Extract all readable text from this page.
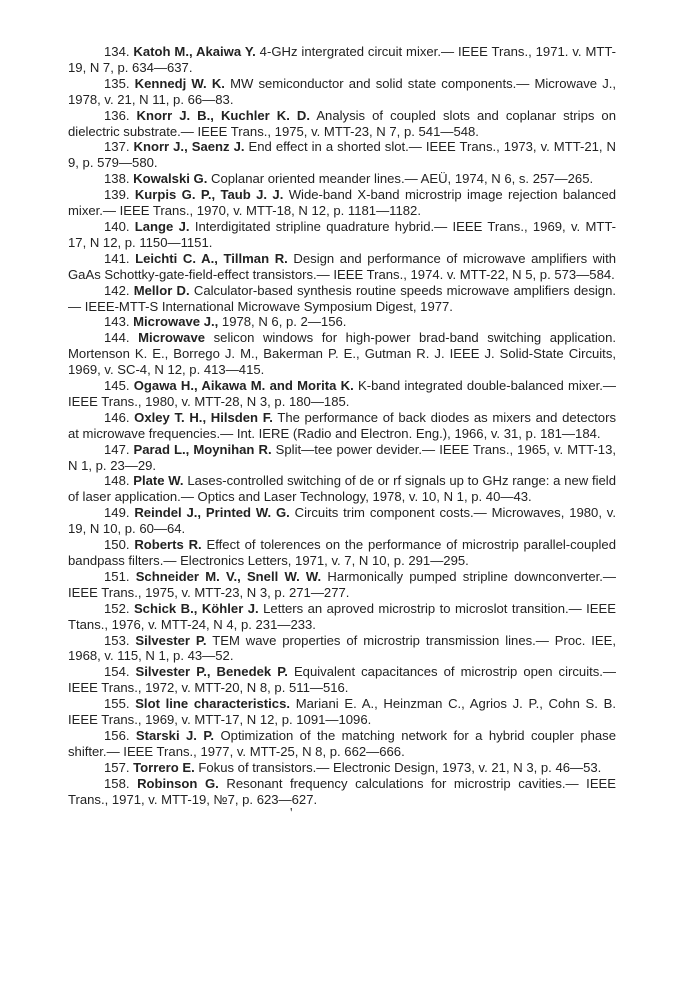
134. Katoh M., Akaiwa Y. 4-GHz intergrated circuit mixer.— IEEE Trans., 1971. v. MTT-19, N 7, p. 634—637.

135. Kennedj W. K. MW semiconductor and solid state components.— Microwave J., 1978, v. 21, N 11, p. 66—83.

136. Knorr J. B., Kuchler K. D. Analysis of coupled slots and coplanar strips on dielectric substrate.— IEEE Trans., 1975, v. MTT-23, N 7, p. 541—548.

137. Knorr J., Saenz J. End effect in a shorted slot.— IEEE Trans., 1973, v. MTT-21, N 9, p. 579—580.

138. Kowalski G. Coplanar oriented meander lines.— AEÜ, 1974, N 6, s. 257—265.

139. Kurpis G. P., Taub J. J. Wide-band X-band microstrip image rejection balanced mixer.— IEEE Trans., 1970, v. MTT-18, N 12, p. 1181—1182.

140. Lange J. Interdigitated stripline quadrature hybrid.— IEEE Trans., 1969, v. MTT-17, N 12, p. 1150—1151.

141. Leichti C. A., Tillman R. Design and performance of microwave amplifiers with GaAs Schottky-gate-field-effect transistors.— IEEE Trans., 1974. v. MTT-22, N 5, p. 573—584.

142. Mellor D. Calculator-based synthesis routine speeds microwave amplifiers design.— IEEE-MTT-S International Microwave Symposium Digest, 1977.

143. Microwave J., 1978, N 6, p. 2—156.

144. Microwave selicon windows for high-power brad-band switching application. Mortenson K. E., Borrego J. M., Bakerman P. E., Gutman R. J. IEEE J. Solid-State Circuits, 1969, v. SC-4, N 12, p. 413—415.

145. Ogawa H., Aikawa M. and Morita K. K-band integrated double-balanced mixer.— IEEE Trans., 1980, v. MTT-28, N 3, p. 180—185.

146. Oxley T. H., Hilsden F. The performance of back diodes as mixers and detectors at microwave frequencies.— Int. IERE (Radio and Electron. Eng.), 1966, v. 31, p. 181—184.

147. Parad L., Moynihan R. Split—tee power devider.— IEEE Trans., 1965, v. MTT-13, N 1, p. 23—29.

148. Plate W. Lases-controlled switching of de or rf signals up to GHz range: a new field of laser application.— Optics and Laser Technology, 1978, v. 10, N 1, p. 40—43.

149. Reindel J., Printed W. G. Circuits trim component costs.— Microwaves, 1980, v. 19, N 10, p. 60—64.

150. Roberts R. Effect of tolerences on the performance of microstrip parallel-coupled bandpass filters.— Electronics Letters, 1971, v. 7, N 10, p. 291—295.

151. Schneider M. V., Snell W. W. Harmonically pumped stripline downconverter.— IEEE Trans., 1975, v. MTT-23, N 3, p. 271—277.

152. Schick B., Köhler J. Letters an aproved microstrip to microslot transition.— IEEE Ttans., 1976, v. MTT-24, N 4, p. 231—233.

153. Silvester P. TEM wave properties of microstrip transmission lines.— Proc. IEE, 1968, v. 115, N 1, p. 43—52.

154. Silvester P., Benedek P. Equivalent capacitances of microstrip open circuits.— IEEE Trans., 1972, v. MTT-20, N 8, p. 511—516.

155. Slot line characteristics. Mariani E. A., Heinzman C., Agrios J. P., Cohn S. B. IEEE Trans., 1969, v. MTT-17, N 12, p. 1091—1096.

156. Starski J. P. Optimization of the matching network for a hybrid coupler phase shifter.— IEEE Trans., 1977, v. MTT-25, N 8, p. 662—666.

157. Torrero E. Fokus of transistors.— Electronic Design, 1973, v. 21, N 3, p. 46—53.

158. Robinson G. Resonant frequency calculations for microstrip cavities.— IEEE Trans., 1971, v. MTT-19, №7, p. 623—627.

'
